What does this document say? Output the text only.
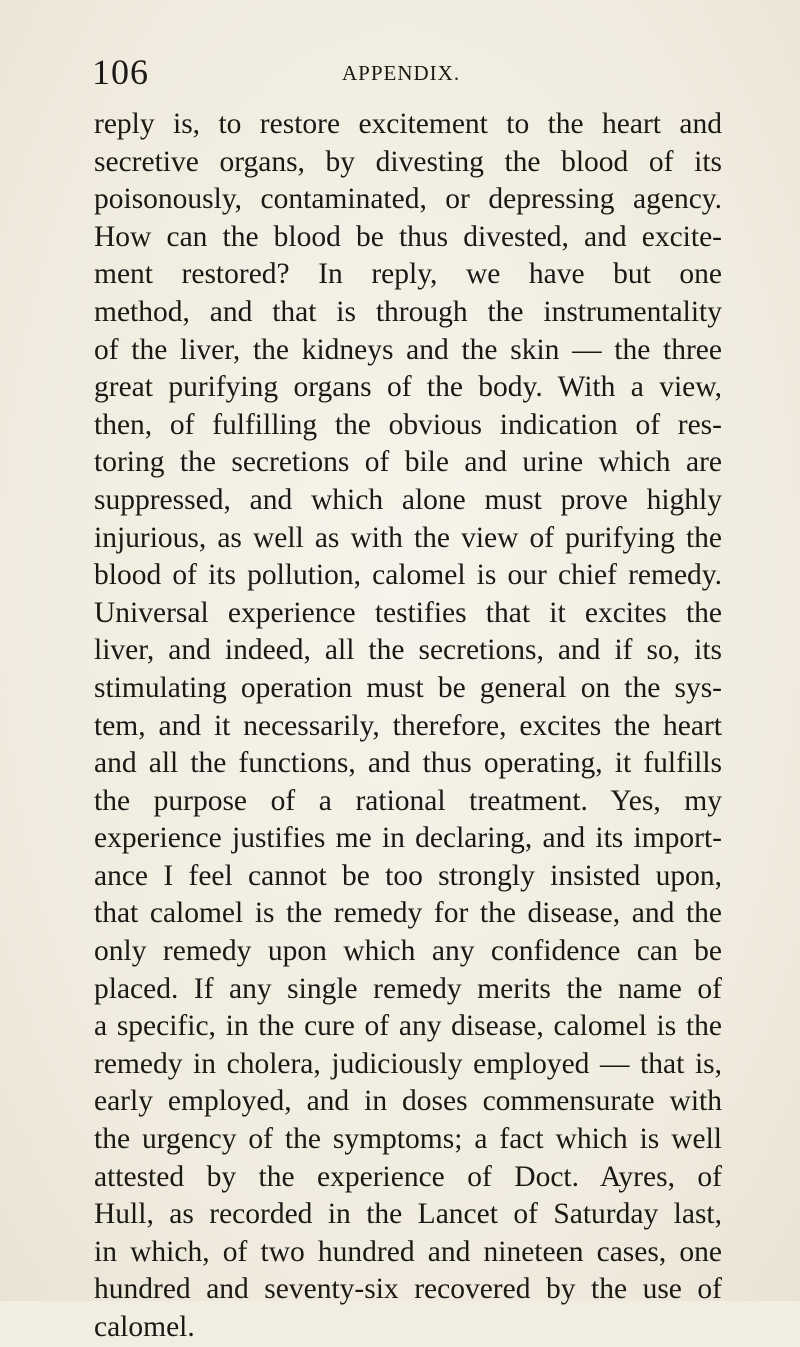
106	APPENDIX.
reply is, to restore excitement to the heart and
secretive organs, by divesting the blood of its
poisonously, contaminated, or depressing agency.
How can the blood be thus divested, and excite-
ment restored? In reply, we have but one
method, and that is through the instrumentality
of the liver, the kidneys and the skin — the three
great purifying organs of the body. With a view,
then, of fulfilling the obvious indication of res-
toring the secretions of bile and urine which are
suppressed, and which alone must prove highly
injurious, as well as with the view of purifying the
blood of its pollution, calomel is our chief remedy.
Universal experience testifies that it excites the
liver, and indeed, all the secretions, and if so, its
stimulating operation must be general on the sys-
tem, and it necessarily, therefore, excites the heart
and all the functions, and thus operating, it fulfills
the purpose of a rational treatment. Yes, my
experience justifies me in declaring, and its import-
ance I feel cannot be too strongly insisted upon,
that calomel is the remedy for the disease, and the
only remedy upon which any confidence can be
placed. If any single remedy merits the name of
a specific, in the cure of any disease, calomel is the
remedy in cholera, judiciously employed — that is,
early employed, and in doses commensurate with
the urgency of the symptoms; a fact which is well
attested by the experience of Doct. Ayres, of
Hull, as recorded in the Lancet of Saturday last,
in which, of two hundred and nineteen cases, one
hundred and seventy-six recovered by the use of
calomel.
